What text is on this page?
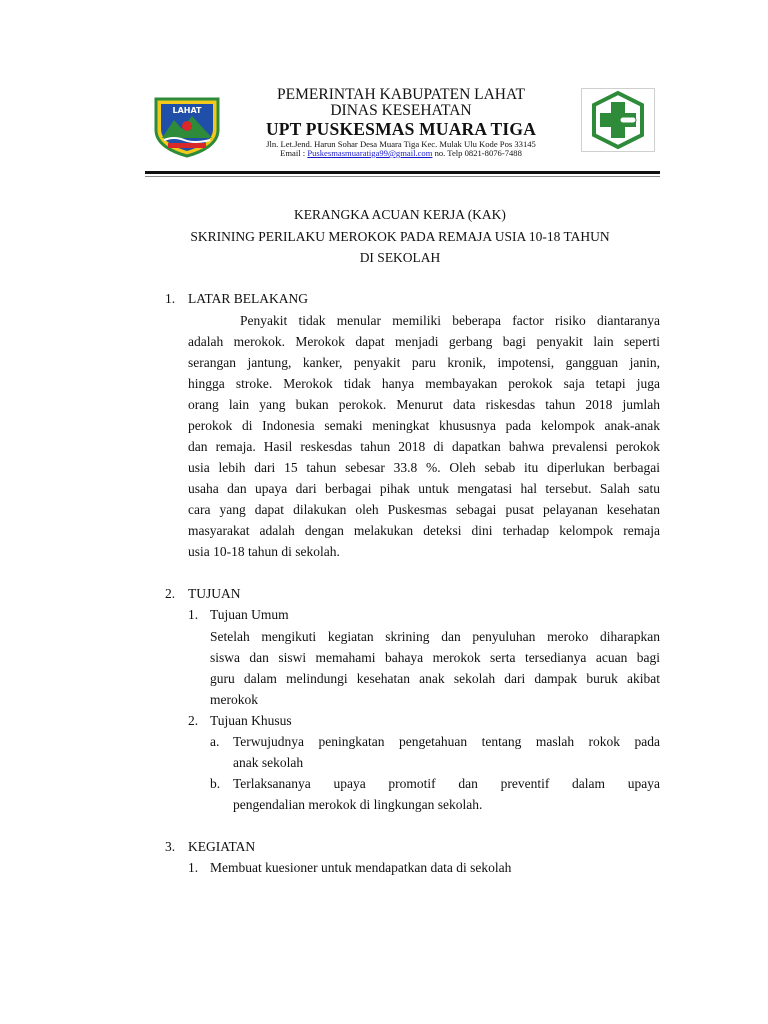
LAHAT
PEMERINTAH KABUPATEN LAHAT
DINAS KESEHATAN
UPT PUSKESMAS MUARA TIGA
Jln. Let.Jend. Harun Sohar Desa Muara Tiga Kec. Mulak Ulu Kode Pos 33145
Email : Puskesmasmuaratiga99@gmail.com no. Telp 0821-8076-7488
KERANGKA ACUAN KERJA (KAK)
SKRINING PERILAKU MEROKOK PADA REMAJA USIA 10-18 TAHUN
DI SEKOLAH
1. LATAR BELAKANG
Penyakit tidak menular memiliki beberapa factor risiko diantaranya
adalah merokok. Merokok dapat menjadi gerbang bagi penyakit lain seperti
serangan jantung, kanker, penyakit paru kronik, impotensi, gangguan janin,
hingga stroke. Merokok tidak hanya membayakan perokok saja tetapi juga
orang lain yang bukan perokok. Menurut data riskesdas tahun 2018 jumlah
perokok di Indonesia semaki meningkat khususnya pada kelompok anak-anak
dan remaja. Hasil reskesdas tahun 2018 di dapatkan bahwa prevalensi perokok
usia lebih dari 15 tahun sebesar 33.8 %. Oleh sebab itu diperlukan berbagai
usaha dan upaya dari berbagai pihak untuk mengatasi hal tersebut. Salah satu
cara yang dapat dilakukan oleh Puskesmas sebagai pusat pelayanan kesehatan
masyarakat adalah dengan melakukan deteksi dini terhadap kelompok remaja
usia 10-18 tahun di sekolah.
2. TUJUAN
1. Tujuan Umum
Setelah mengikuti kegiatan skrining dan penyuluhan meroko diharapkan
siswa dan siswi memahami bahaya merokok serta tersedianya acuan bagi
guru dalam melindungi kesehatan anak sekolah dari dampak buruk akibat
merokok
2. Tujuan Khusus
a. Terwujudnya peningkatan pengetahuan tentang maslah rokok pada
anak sekolah
b. Terlaksananya upaya promotif dan preventif dalam upaya
pengendalian merokok di lingkungan sekolah.
3. KEGIATAN
1. Membuat kuesioner untuk mendapatkan data di sekolah
